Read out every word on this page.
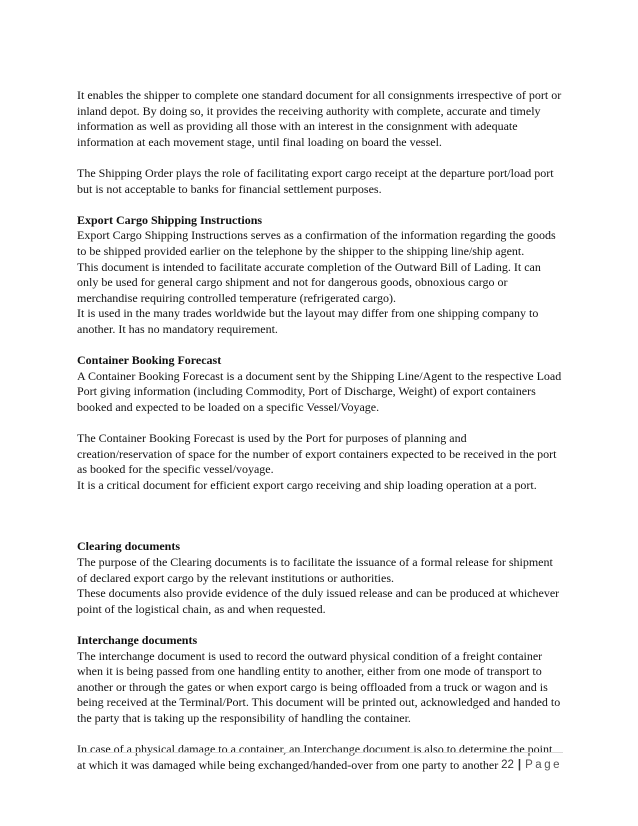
It enables the shipper to complete one standard document for all consignments irrespective of port or inland depot. By doing so, it provides the receiving authority with complete, accurate and timely information as well as providing all those with an interest in the consignment with adequate information at each movement stage, until final loading on board the vessel.

The Shipping Order plays the role of facilitating export cargo receipt at the departure port/load port but is not acceptable to banks for financial settlement purposes.

Export Cargo Shipping Instructions

Export Cargo Shipping Instructions serves as a confirmation of the information regarding the goods to be shipped provided earlier on the telephone by the shipper to the shipping line/ship agent.

This document is intended to facilitate accurate completion of the Outward Bill of Lading. It can only be used for general cargo shipment and not for dangerous goods, obnoxious cargo or merchandise requiring controlled temperature (refrigerated cargo).

It is used in the many trades worldwide but the layout may differ from one shipping company to another. It has no mandatory requirement.

Container Booking Forecast

A Container Booking Forecast is a document sent by the Shipping Line/Agent to the respective Load Port giving information (including Commodity, Port of Discharge, Weight) of export containers booked and expected to be loaded on a specific Vessel/Voyage.

The Container Booking Forecast is used by the Port for purposes of planning and creation/reservation of space for the number of export containers expected to be received in the port as booked for the specific vessel/voyage.

It is a critical document for efficient export cargo receiving and ship loading operation at a port.

Clearing documents

The purpose of the Clearing documents is to facilitate the issuance of a formal release for shipment of declared export cargo by the relevant institutions or authorities.

These documents also provide evidence of the duly issued release and can be produced at whichever point of the logistical chain, as and when requested.

Interchange documents

The interchange document is used to record the outward physical condition of a freight container when it is being passed from one handling entity to another, either from one mode of transport to another or through the gates or when export cargo is being offloaded from a truck or wagon and is being received at the Terminal/Port. This document will be printed out, acknowledged and handed to the party that is taking up the responsibility of handling the container.

In case of a physical damage to a container, an Interchange document is also to determine the point at which it was damaged while being exchanged/handed-over from one party to another 22 | Page
